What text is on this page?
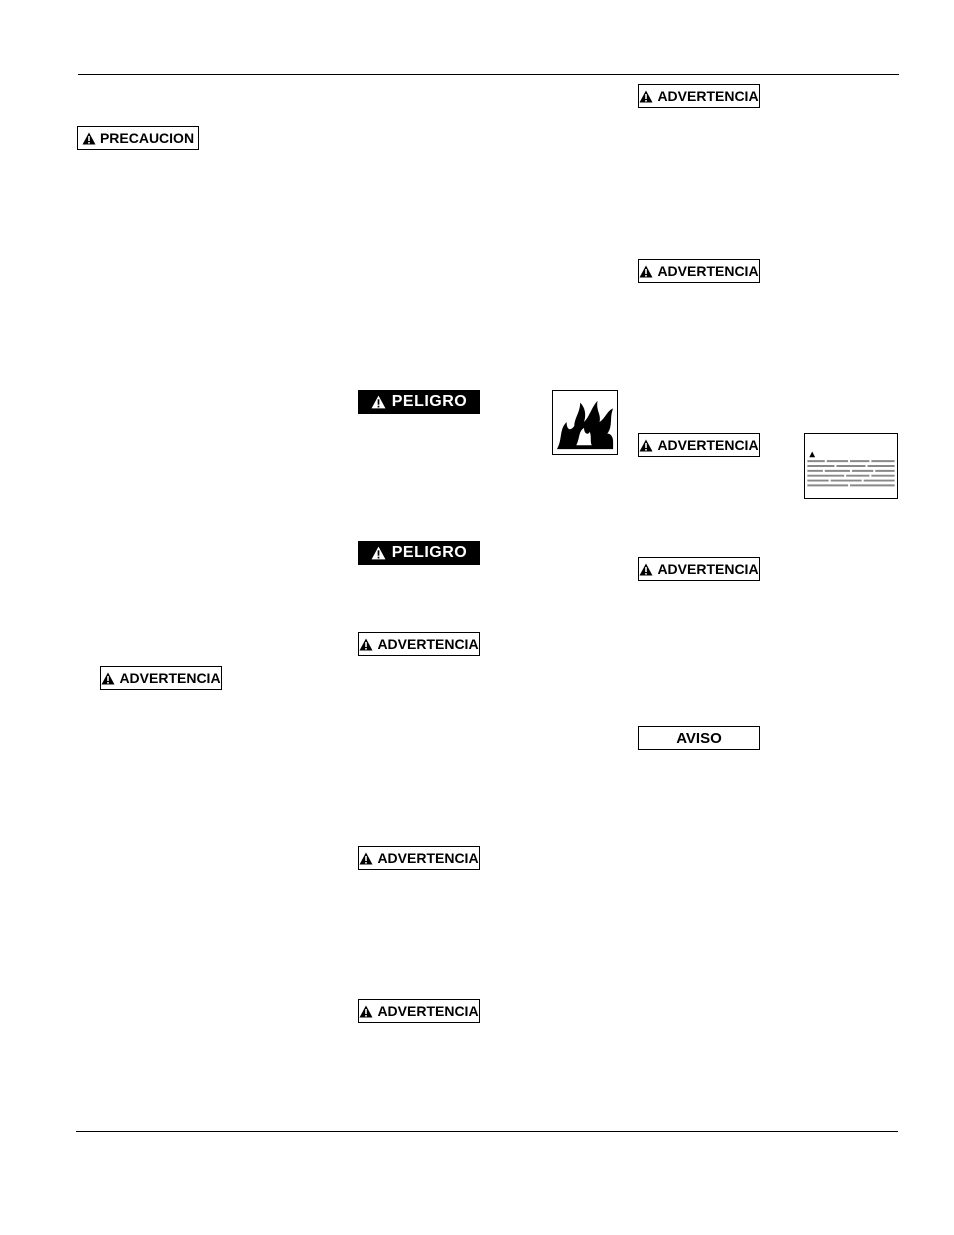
PRECAUCION
ADVERTENCIA
PELIGRO
PELIGRO
ADVERTENCIA
ADVERTENCIA
ADVERTENCIA
ADVERTENCIA
ADVERTENCIA
ADVERTENCIA
ADVERTENCIA
AVISO
